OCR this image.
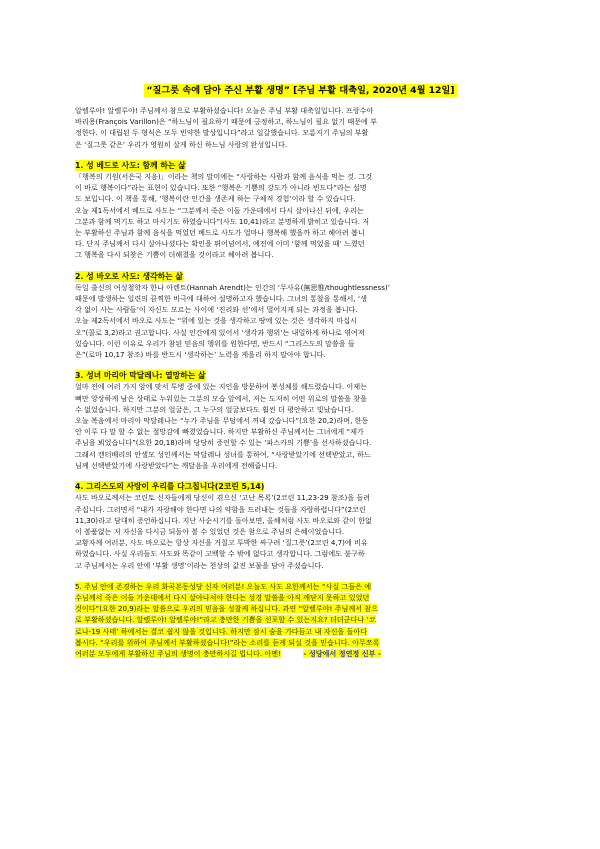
“질그릇 속에 담아 주신 부활 생명” [주님 부활 대축일, 2020년 4월 12일]

알렐루야! 알렐루야! 주님께서 참으로 부활하셨습니다! 오늘은 주님 부활 대축일입니다. 프랑수아

바리용(François Varillon)은 “하느님이 필요하기 때문에 긍정하고, 하느님이 필요 없기 때문에 부

정한다. 이 대립된 두 형식은 모두 빈약한 발상입니다”라고 일갈했습니다. 모름지기 주님의 부활

은 ‘질그릇 같은’ 우리가 영원히 살게 하신 하느님 사랑의 완성입니다.

1. 성 베드로 사도: 함께 하는 삶

「행복의 기원(서은국 지음)」이라는 책의 말미에는 “사랑하는 사람과 함께 음식을 먹는 것. 그것

이 바로 행복이다”라는 표현이 있습니다. 또한 “행복은 기쁨의 강도가 아니라 빈도다”라는 설명

도 보입니다. 이 책을 통해, ‘행복이란 인간을 생존케 하는 구체적 경험’이라 할 수 있습니다.

오늘 제1독서에서 베드로 사도는 “그분께서 죽은 이들 가운데에서 다시 살아나신 뒤에, 우리는

그분과 함께 먹기도 하고 마시기도 하였습니다”(사도 10,41)라고 분명하게 밝히고 있습니다. 저

는 부활하신 주님과 함께 음식을 먹었던 베드로 사도가 얼마나 행복해 했을까 하고 헤아려 봅니

다. 단지 주님께서 다시 살아나셨다는 확인을 뛰어넘어서, 예전에 이미 ‘함께 먹었을 때’ 느꼈던

그 행복을 다시 되찾은 기쁨이 더해졌을 것이라고 헤아려 봅니다.

2. 성 바오로 사도: 생각하는 삶

독일 출신의 여성철학자 한나 아렌트(Hannah Arendt)는 인간의 ‘무사유(無思惟/thoughtlessness)’

때문에 발생하는 일련의 끔찍한 비극에 대하여 설명하고자 했습니다. 그녀의 통찰을 통해서, ‘생

각 없이 사는 사람들’이 자신도 모르는 사이에 ‘진리와 선’에서 멀어지게 되는 과정을 봅니다.

오늘 제2독서에서 바오로 사도는 “위에 있는 것을 생각하고 땅에 있는 것은 생각하지 마십시

오”(콜로 3,2)라고 권고합니다. 사실 인간에게 있어서 ‘생각과 행위’는 내밀하게 하나로 엮여져

있습니다. 이런 이유로 우리가 참된 믿음의 행위를 원한다면, 반드시 “그리스도의 말씀을 들

은”(로마 10,17 참조) 바를 반드시 ‘생각하는’ 노력을 게을리 하지 말아야 합니다.

3. 성녀 마리아 막달레나: 열망하는 삶

얼마 전에 여러 가지 암에 맞서 투병 중에 있는 지인을 방문하여 봉성체를 해드렸습니다. 이제는

뼈만 앙상하게 남은 상태로 누워있는 그분의 모습 앞에서, 저는 도저히 어떤 위로의 말씀을 찾을

수 없었습니다. 하지만 그분의 얼굴은, 그 누구의 얼굴보다도 훨씬 더 평안하고 빛났습니다.

오늘 복음에서 마리아 막달레나는 “누가 주님을 무덤에서 꺼내 갔습니다”(요한 20,2)라며, 한동

안 이루 다 말 할 수 없는 절망감에 빠졌었습니다. 하지만 부활하신 주님께서는 그녀에게 “제가

주님을 뵈었습니다”(요한 20,18)라며 당당히 증언할 수 있는 ‘파스카의 기쁨’을 선사하셨습니다.

그래서 캔터베리의 안셀모 성인께서는 막달레나 성녀를 통하여, “사랑받았기에 선택받았고, 하느

님께 선택받았기에 사랑받았다”는 깨달음을 우리에게 전해줍니다.

4. 그리스도의 사랑이 우리를 다그칩니다(2코린 5,14)

사도 바오로께서는 코린토 신자들에게 당신이 겪으신 ‘고난 목록’(2코린 11,23-29 참조)을 들려

주십니다. 그러면서 “내가 자랑해야 한다면 나의 약함을 드러내는 것들을 자랑하렵니다”(2코린

11,30)라고 담대히 증언하십니다. 지난 사순시기를 돌아보면, 올해처럼 사도 바오로와 같이 한없

이 볼품없는 저 자신을 다시금 되돌아 볼 수 있었던 것은 참으로 주님의 은혜이었습니다.

교황자께 여러분, 사도 바오로는 항상 자신을 거칠고 투박한 싸구려 ‘질그릇’(2코린 4,7)에 비유

하였습니다. 사실 우리들도 사도와 똑같이 고백할 수 밖에 없다고 생각합니다. 그럼에도 불구하

고 주님께서는 우리 안에 ‘부활 생명’이라는 천상의 값진 보물을 담아 주셨습니다.

5. 주님 안에 존경하는 우리 화곡본동성당 신자 여러분! 오늘도 사도 요한께서는 “사실 그들은 예

수님께서 죽은 이들 가운데에서 다시 살아나셔야 한다는 성경 말씀을 아직 깨닫지 못하고 있었던

것이다”(요한 20,9)라는 말씀으로 우리의 믿음을 성찰케 하십니다. 과연 “알렐루야! 주님께서 참으

로 부활하셨습니다. 알렐루야! 알렐루야!”라고 충만한 기쁨을 선포할 수 있는지요? 더더군다나 ‘코

로나-19 사태’ 하에서는 결코 쉽지 않을 것입니다. 하지만 잠시 숨을 가다듬고 내 자신을 돌아다

봅시다. “우리를 위하여 주님께서 부활하셨습니다!”라는 소리를 듣게 되실 것을 믿습니다. 아무쪼록

여러분 모두에게 부활하신 주님의 생명이 충만하시길 빕니다. 아멘!	- 성당에서 정연정 신부 -
